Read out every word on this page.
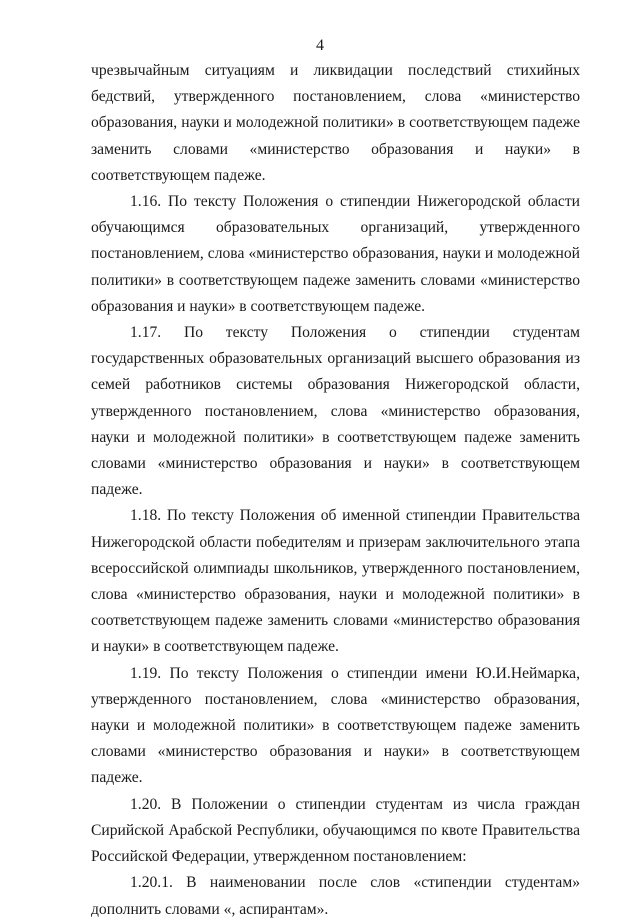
4

чрезвычайным ситуациям и ликвидации последствий стихийных бедствий, утвержденного постановлением, слова «министерство образования, науки и молодежной политики» в соответствующем падеже заменить словами «министерство образования и науки» в соответствующем падеже.

1.16. По тексту Положения о стипендии Нижегородской области обучающимся образовательных организаций, утвержденного постановлением, слова «министерство образования, науки и молодежной политики» в соответствующем падеже заменить словами «министерство образования и науки» в соответствующем падеже.

1.17. По тексту Положения о стипендии студентам государственных образовательных организаций высшего образования из семей работников системы образования Нижегородской области, утвержденного постановлением, слова «министерство образования, науки и молодежной политики» в соответствующем падеже заменить словами «министерство образования и науки» в соответствующем падеже.

1.18. По тексту Положения об именной стипендии Правительства Нижегородской области победителям и призерам заключительного этапа всероссийской олимпиады школьников, утвержденного постановлением, слова «министерство образования, науки и молодежной политики» в соответствующем падеже заменить словами «министерство образования и науки» в соответствующем падеже.

1.19. По тексту Положения о стипендии имени Ю.И.Неймарка, утвержденного постановлением, слова «министерство образования, науки и молодежной политики» в соответствующем падеже заменить словами «министерство образования и науки» в соответствующем падеже.

1.20. В Положении о стипендии студентам из числа граждан Сирийской Арабской Республики, обучающимся по квоте Правительства Российской Федерации, утвержденном постановлением:

1.20.1. В наименовании после слов «стипендии студентам» дополнить словами «, аспирантам».
